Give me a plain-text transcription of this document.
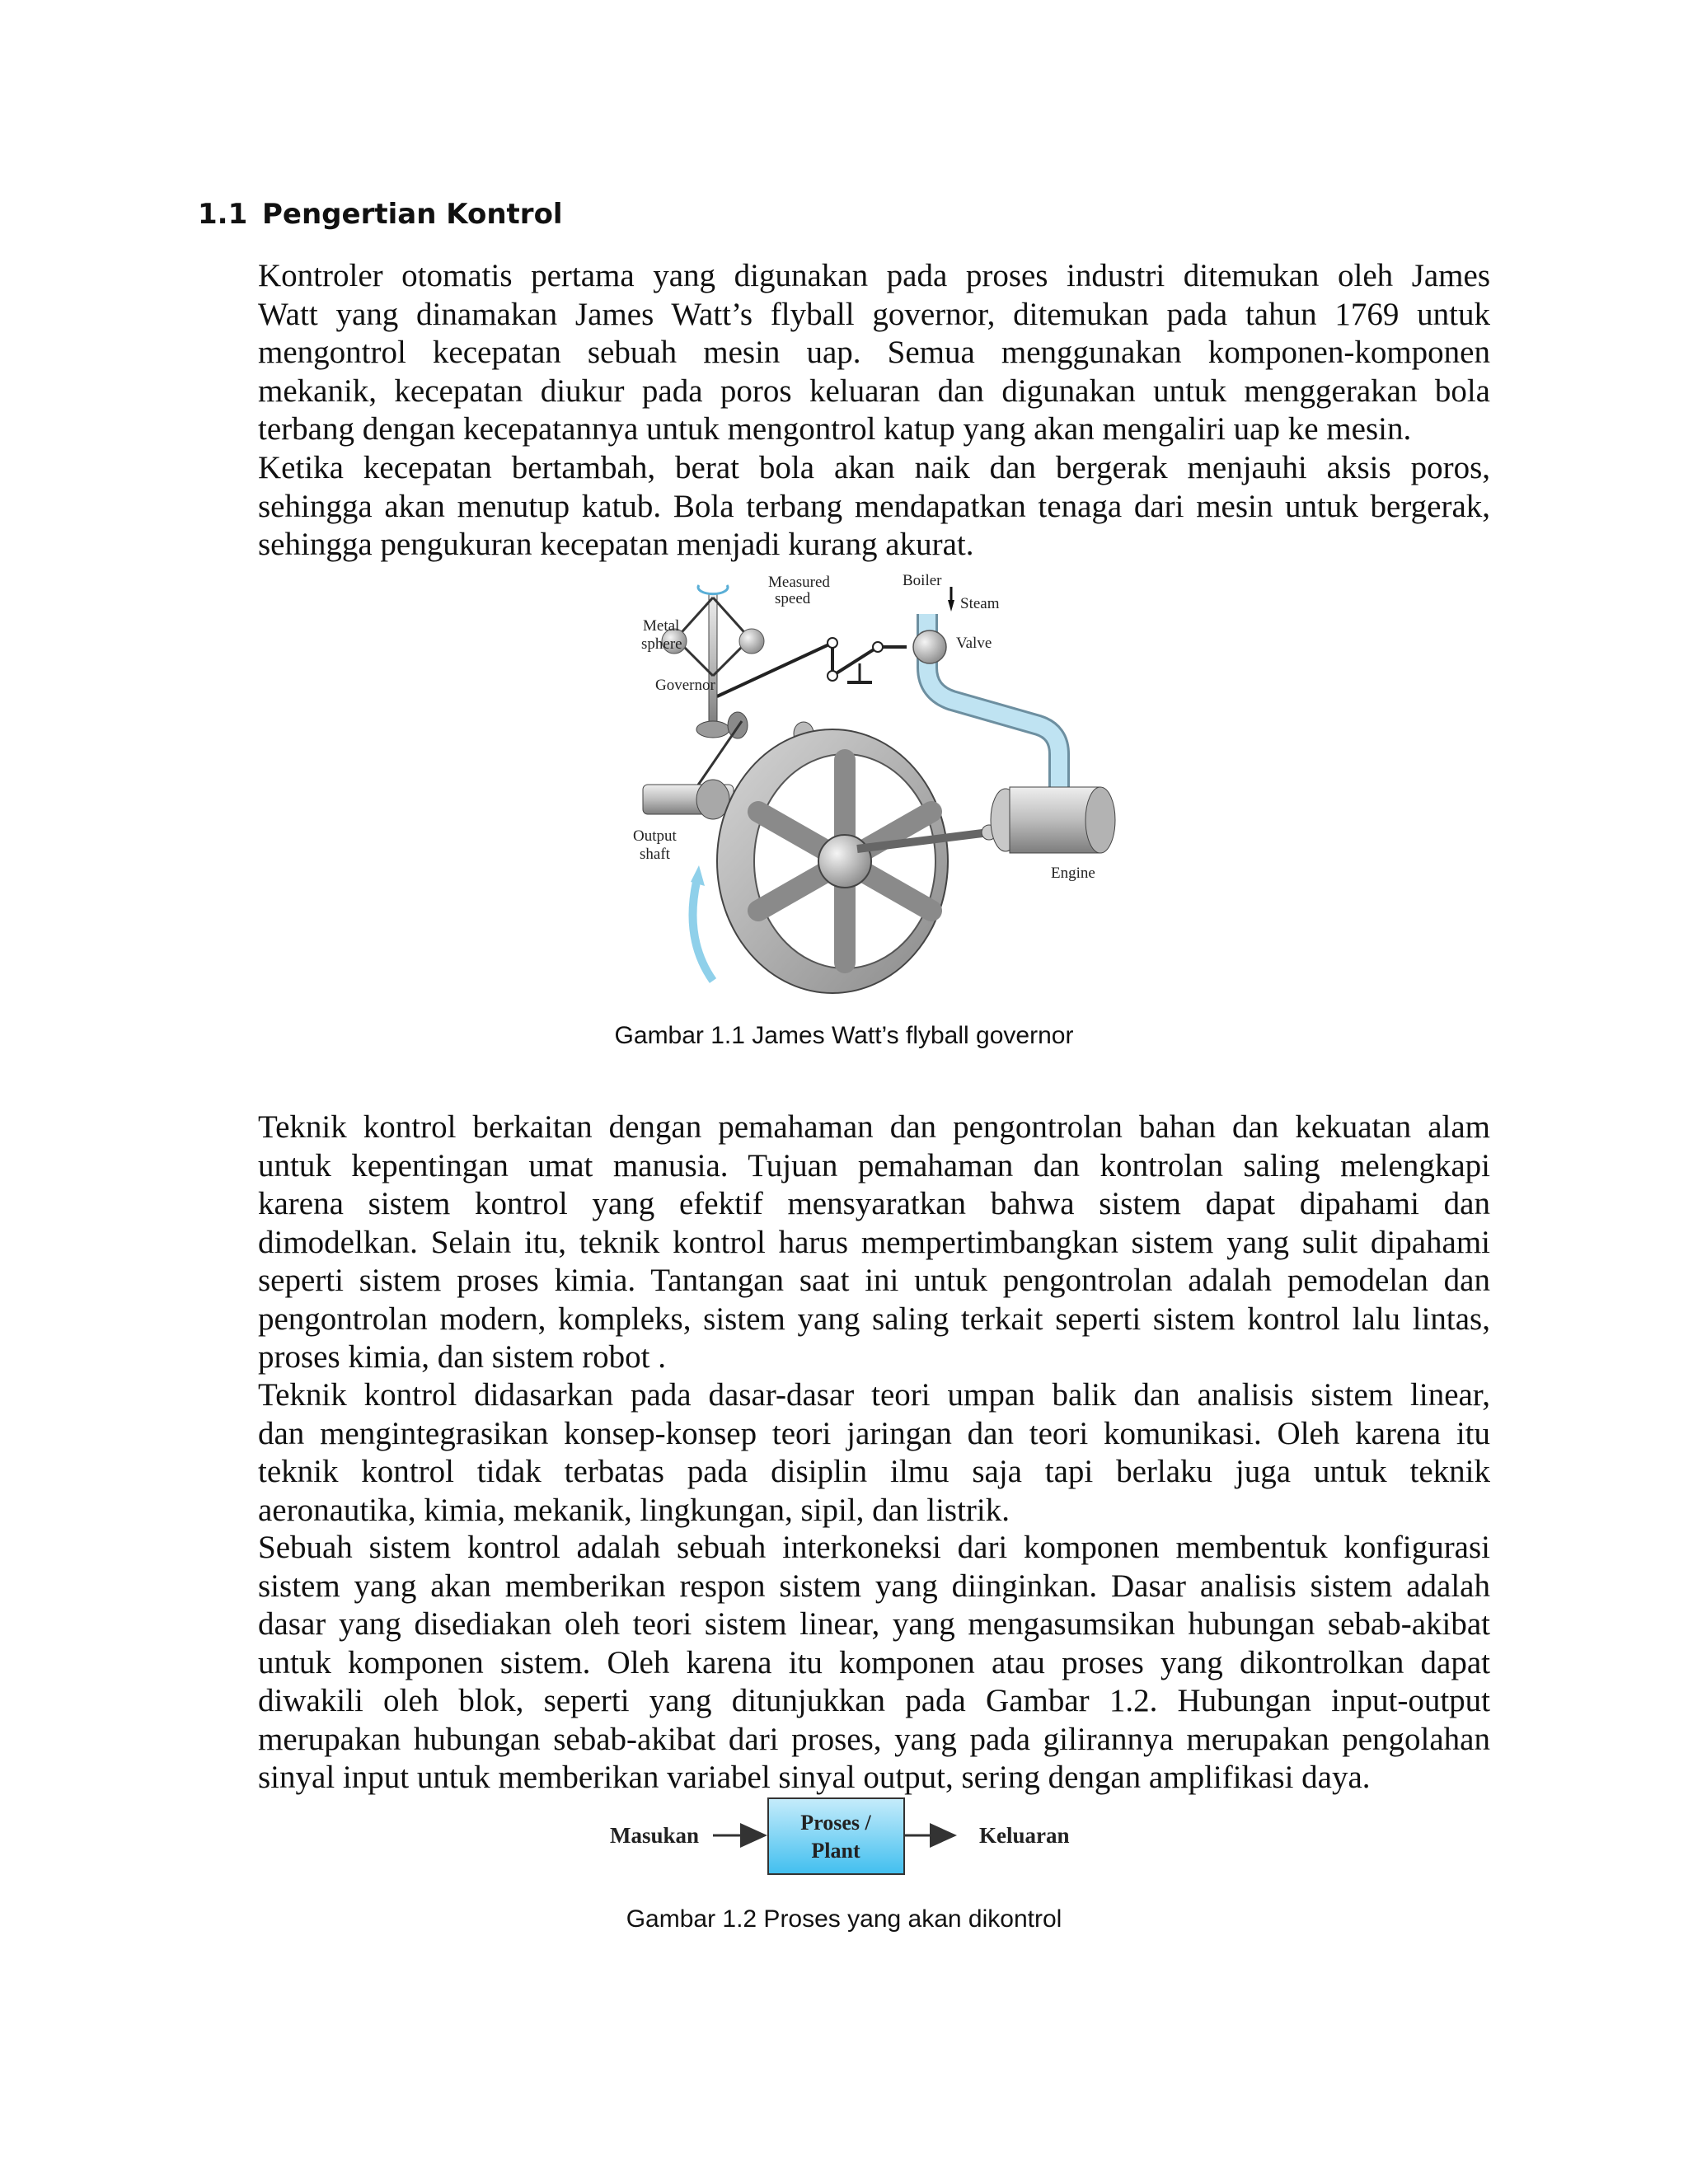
1.1 Pengertian Kontrol
Kontroler otomatis pertama yang digunakan pada proses industri ditemukan oleh James
Watt yang dinamakan James Watt’s flyball governor, ditemukan pada tahun 1769 untuk
mengontrol kecepatan sebuah mesin uap. Semua menggunakan komponen-komponen
mekanik, kecepatan diukur pada poros keluaran dan digunakan untuk menggerakan bola
terbang dengan kecepatannya untuk mengontrol katup yang akan mengaliri uap ke mesin.
Ketika kecepatan bertambah, berat bola akan naik dan bergerak menjauhi aksis poros,
sehingga akan menutup katub. Bola terbang mendapatkan tenaga dari mesin untuk bergerak,
sehingga pengukuran kecepatan menjadi kurang akurat.
Measured
speed
Boiler
Steam
Valve
Metal
sphere
Governor
Output
shaft
Engine
Gambar 1.1 James Watt’s flyball governor
Teknik kontrol berkaitan dengan pemahaman dan pengontrolan bahan dan kekuatan alam
untuk kepentingan umat manusia. Tujuan pemahaman dan kontrolan saling melengkapi
karena sistem kontrol yang efektif mensyaratkan bahwa sistem dapat dipahami dan
dimodelkan. Selain itu, teknik kontrol harus mempertimbangkan sistem yang sulit dipahami
seperti sistem proses kimia. Tantangan saat ini untuk pengontrolan adalah pemodelan dan
pengontrolan modern, kompleks, sistem yang saling terkait seperti sistem kontrol lalu lintas,
proses kimia, dan sistem robot .
Teknik kontrol didasarkan pada dasar-dasar teori umpan balik dan analisis sistem linear,
dan mengintegrasikan konsep-konsep teori jaringan dan teori komunikasi. Oleh karena itu
teknik kontrol tidak terbatas pada disiplin ilmu saja tapi berlaku juga untuk teknik
aeronautika, kimia, mekanik, lingkungan, sipil, dan listrik.
Sebuah sistem kontrol adalah sebuah interkoneksi dari komponen membentuk konfigurasi
sistem yang akan memberikan respon sistem yang diinginkan. Dasar analisis sistem adalah
dasar yang disediakan oleh teori sistem linear, yang mengasumsikan hubungan sebab-akibat
untuk komponen sistem. Oleh karena itu komponen atau proses yang dikontrolkan dapat
diwakili oleh blok, seperti yang ditunjukkan pada Gambar 1.2. Hubungan input-output
merupakan hubungan sebab-akibat dari proses, yang pada gilirannya merupakan pengolahan
sinyal input untuk memberikan variabel sinyal output, sering dengan amplifikasi daya.
Masukan
Proses /
Plant
Keluaran
Gambar 1.2 Proses yang akan dikontrol
